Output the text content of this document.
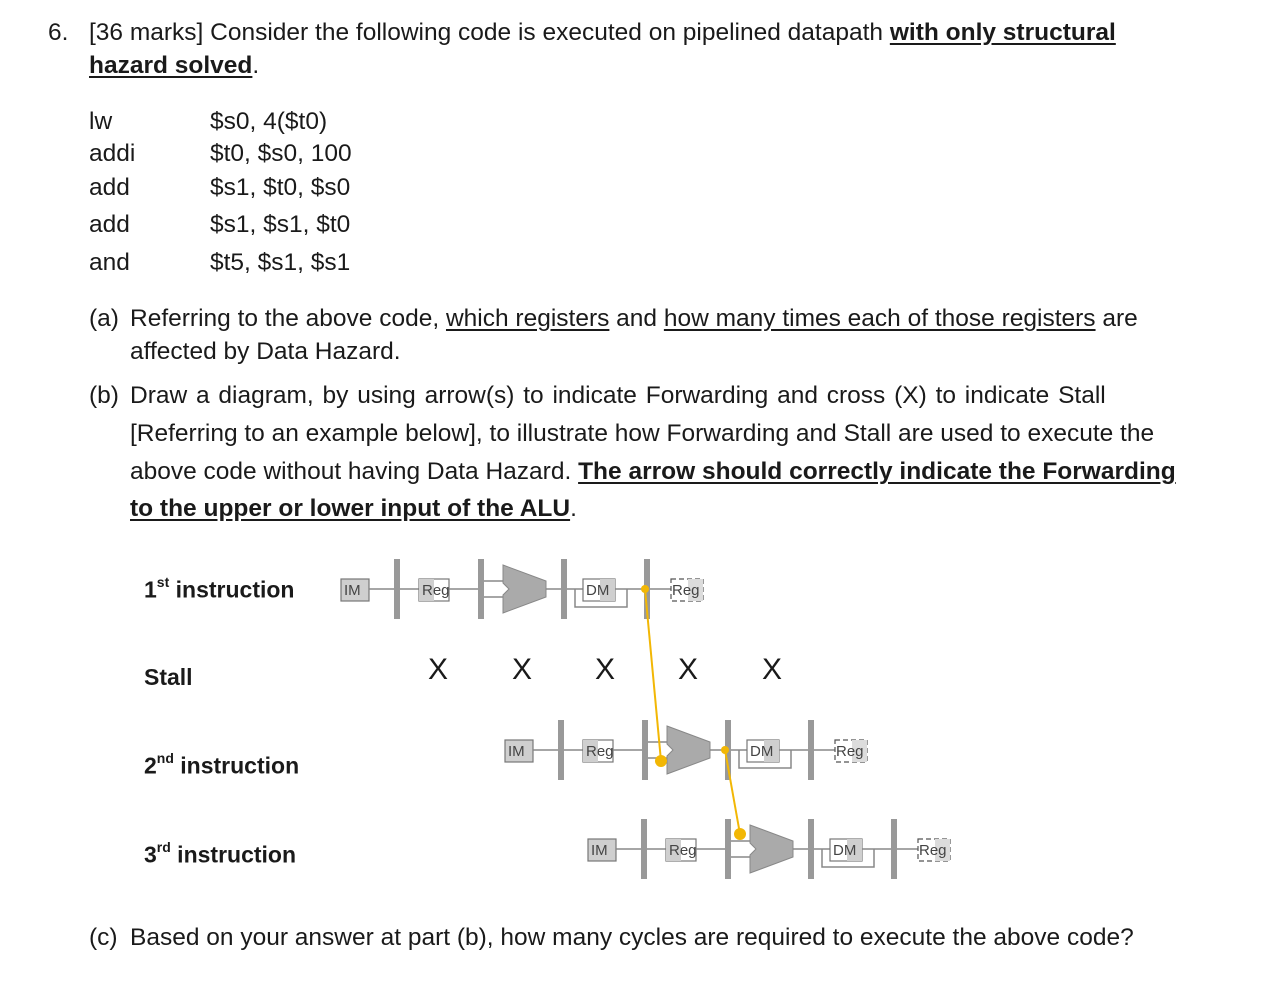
6. [36 marks] Consider the following code is executed on pipelined datapath with only structural
hazard solved.
lw	$s0, 4($t0)
addi	$t0, $s0, 100
add	$s1, $t0, $s0
add	$s1, $s1, $t0
and	$t5, $s1, $s1
(a) Referring to the above code, which registers and how many times each of those registers are
affected by Data Hazard.
(b) Draw a diagram, by using arrow(s) to indicate Forwarding and cross (X) to indicate Stall
[Referring to an example below], to illustrate how Forwarding and Stall are used to execute the
above code without having Data Hazard. The arrow should correctly indicate the Forwarding
to the upper or lower input of the ALU.
1st instruction
Stall
2nd instruction
3rd instruction
X X X X X
IM	Reg	DM	Reg
IM	Reg	DM	Reg
IM	Reg	DM	Reg
(c) Based on your answer at part (b), how many cycles are required to execute the above code?
